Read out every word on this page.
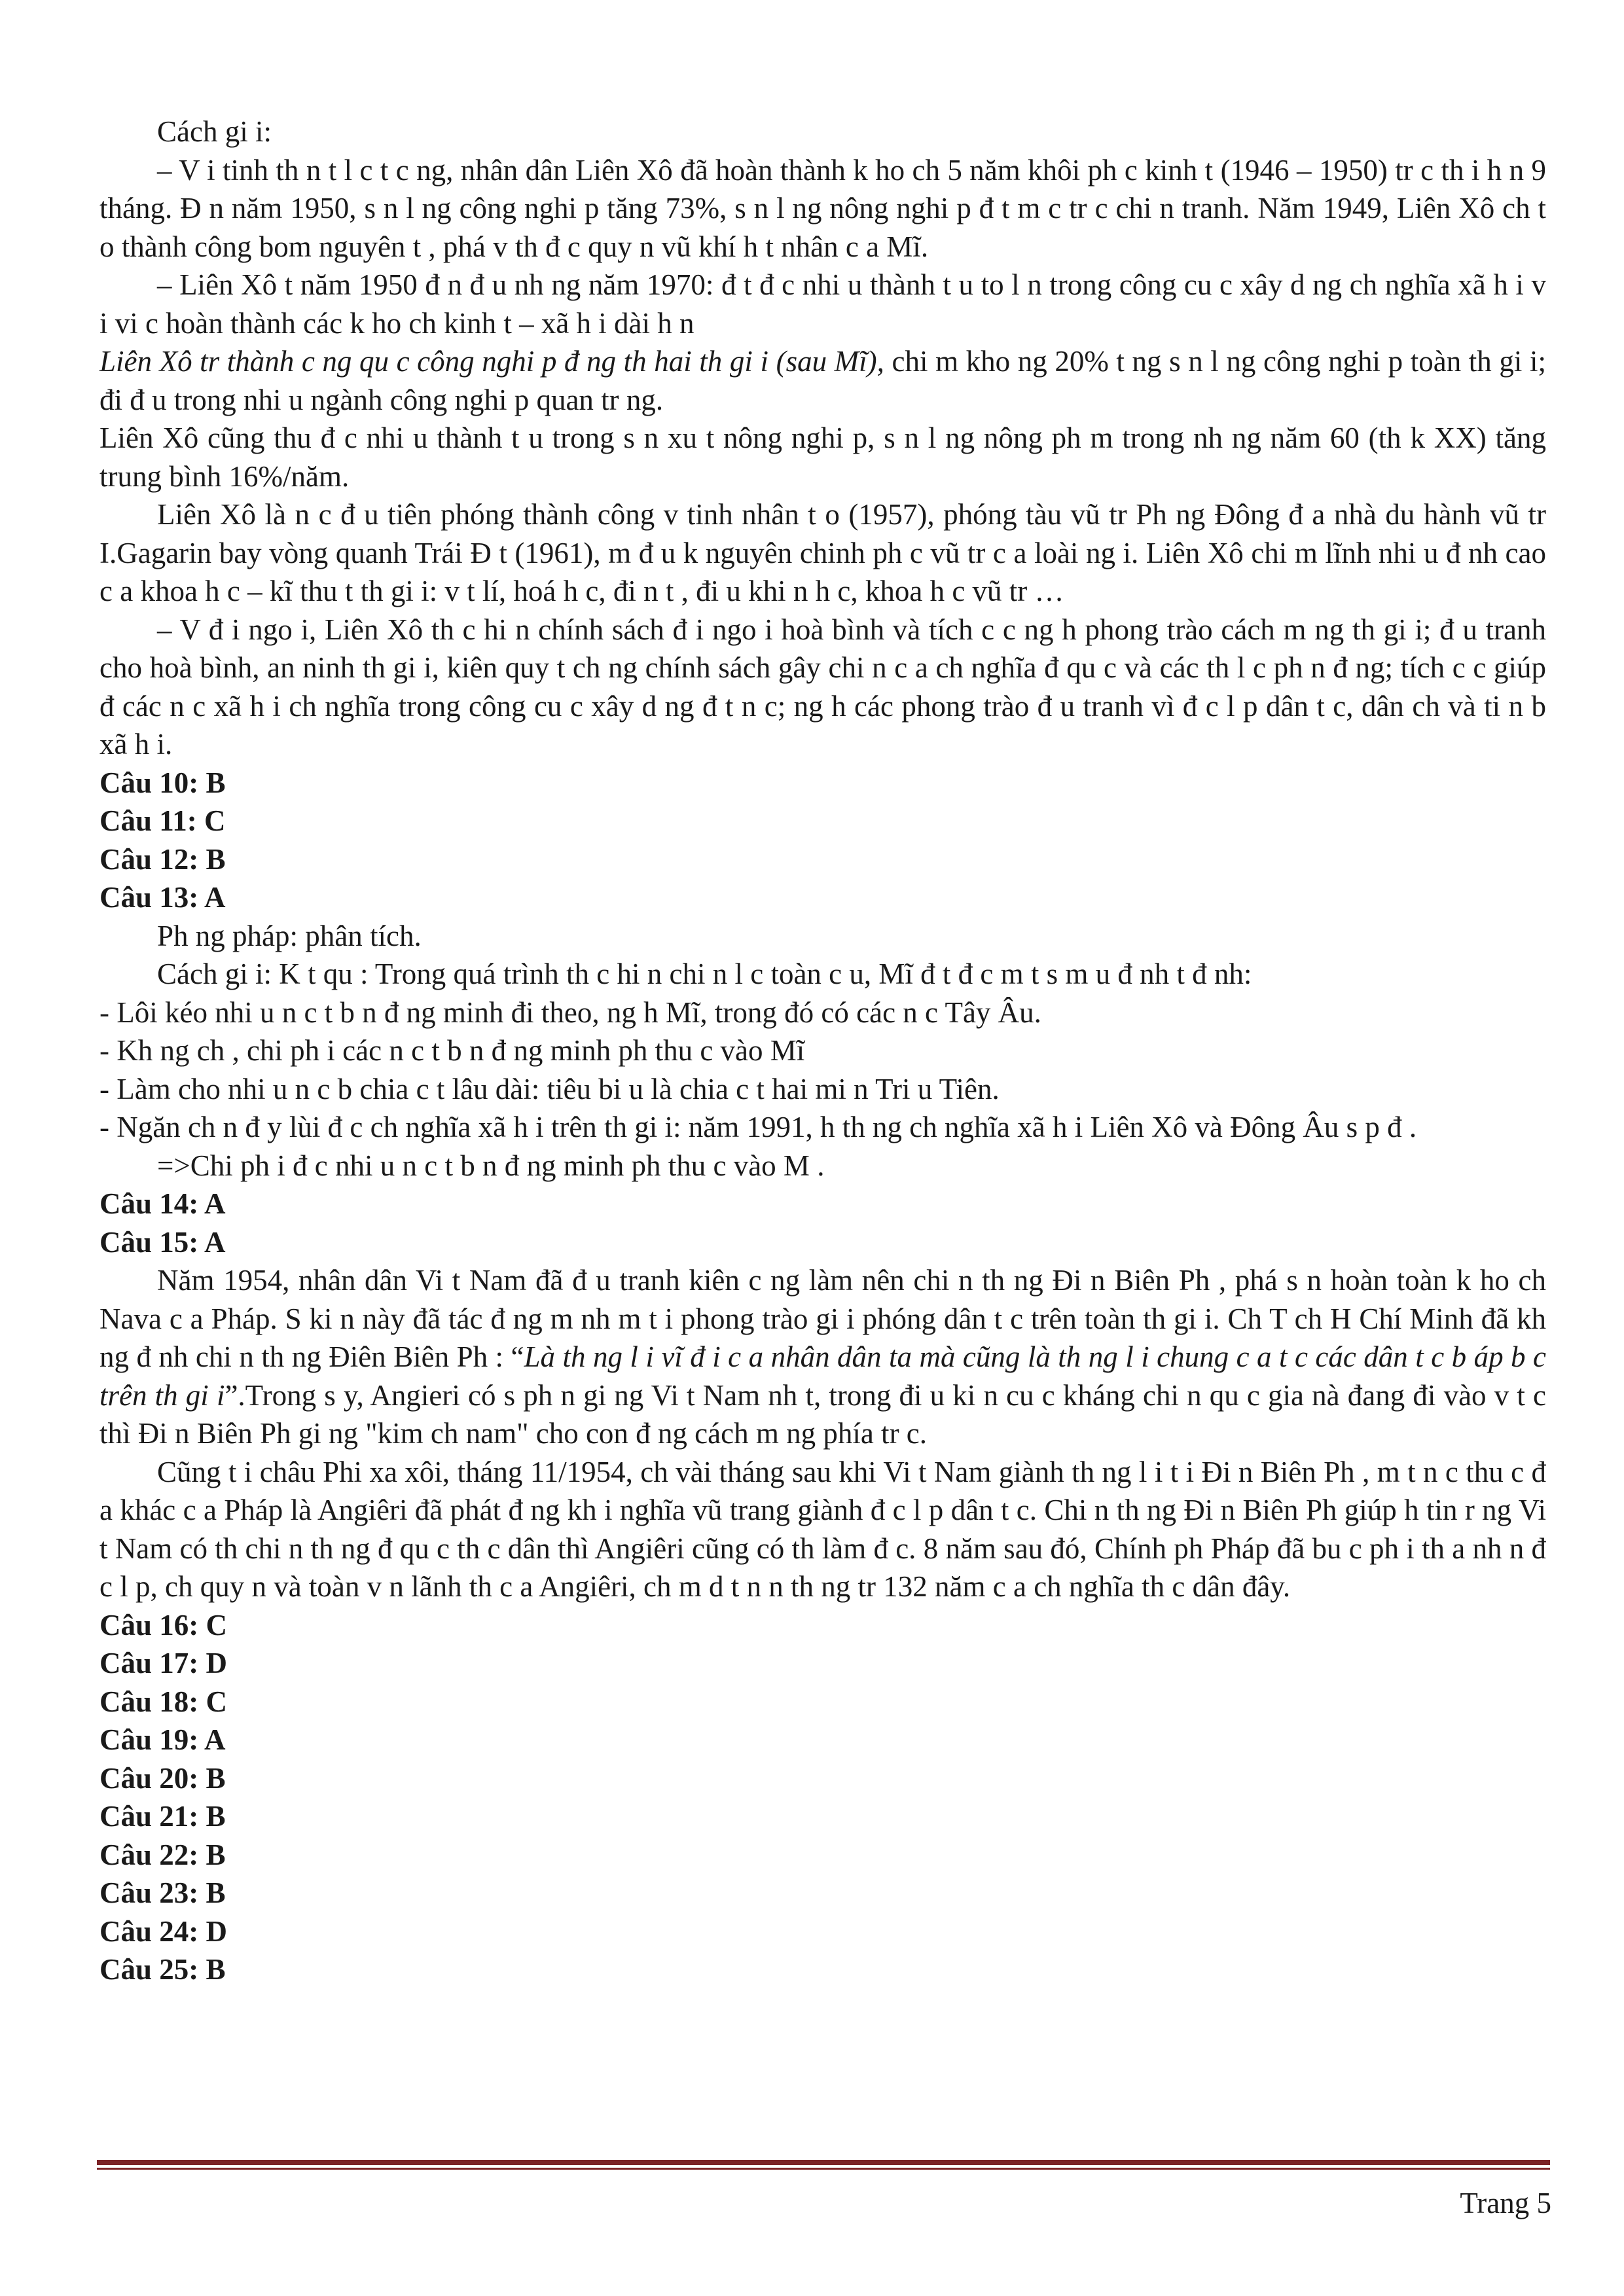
Cách gi i:

– V i tinh th n t l c t c ng, nhân dân Liên Xô đã hoàn thành k ho ch 5 năm khôi ph c kinh t (1946 – 1950) tr c th i h n 9 tháng. Đ n năm 1950, s n l ng công nghi p tăng 73%, s n l ng nông nghi p đ t m c tr c chi n tranh. Năm 1949, Liên Xô ch t o thành công bom nguyên t , phá v th đ c quy n vũ khí h t nhân c a Mĩ.

– Liên Xô t năm 1950 đ n đ u nh ng năm 1970: đ t đ c nhi u thành t u to l n trong công cu c xây d ng ch nghĩa xã h i v i vi c hoàn thành các k ho ch kinh t – xã h i dài h n

Liên Xô tr thành c ng qu c công nghi p đ ng th hai th gi i (sau Mĩ), chi m kho ng 20% t ng s n l ng công nghi p toàn th gi i; đi đ u trong nhi u ngành công nghi p quan tr ng.

Liên Xô cũng thu đ c nhi u thành t u trong s n xu t nông nghi p, s n l ng nông ph m trong nh ng năm 60 (th k XX) tăng trung bình 16%/năm.

Liên Xô là n c đ u tiên phóng thành công v tinh nhân t o (1957), phóng tàu vũ tr Ph ng Đông đ a nhà du hành vũ tr I.Gagarin bay vòng quanh Trái Đ t (1961), m đ u k nguyên chinh ph c vũ tr c a loài ng i. Liên Xô chi m lĩnh nhi u đ nh cao c a khoa h c – kĩ thu t th gi i: v t lí, hoá h c, đi n t , đi u khi n h c, khoa h c vũ tr …

– V đ i ngo i, Liên Xô th c hi n chính sách đ i ngo i hoà bình và tích c c ng h phong trào cách m ng th gi i; đ u tranh cho hoà bình, an ninh th gi i, kiên quy t ch ng chính sách gây chi n c a ch nghĩa đ qu c và các th l c ph n đ ng; tích c c giúp đ các n c xã h i ch nghĩa trong công cu c xây d ng đ t n c; ng h các phong trào đ u tranh vì đ c l p dân t c, dân ch và ti n b xã h i.

Câu 10: B

Câu 11: C

Câu 12: B

Câu 13: A

Ph ng pháp: phân tích.

Cách gi i: K t qu : Trong quá trình th c hi n chi n l c toàn c u, Mĩ đ t đ c m t s m u đ nh t đ nh:

- Lôi kéo nhi u n c t b n đ ng minh đi theo, ng h Mĩ, trong đó có các n c Tây Âu.

- Kh ng ch , chi ph i các n c t b n đ ng minh ph thu c vào Mĩ

- Làm cho nhi u n c b chia c t lâu dài: tiêu bi u là chia c t hai mi n Tri u Tiên.

- Ngăn ch n đ y lùi đ c ch nghĩa xã h i trên th gi i: năm 1991, h th ng ch nghĩa xã h i Liên Xô và Đông Âu s p đ .

=>Chi ph i đ c nhi u n c t b n đ ng minh ph thu c vào M .

Câu 14: A

Câu 15: A

Năm 1954, nhân dân Vi t Nam đã đ u tranh kiên c ng làm nên chi n th ng Đi n Biên Ph , phá s n hoàn toàn k ho ch Nava c a Pháp. S ki n này đã tác đ ng m nh m t i phong trào gi i phóng dân t c trên toàn th gi i. Ch T ch H Chí Minh đã kh ng đ nh chi n th ng Điên Biên Ph : “Là th ng l i vĩ đ i c a nhân dân ta mà cũng là th ng l i chung c a t c các dân t c b áp b c trên th gi i”.Trong s y, Angieri có s ph n gi ng Vi t Nam nh t, trong đi u ki n cu c kháng chi n qu c gia nà đang đi vào v t c thì Đi n Biên Ph gi ng "kim ch nam" cho con đ ng cách m ng phía tr c.

Cũng t i châu Phi xa xôi, tháng 11/1954, ch vài tháng sau khi Vi t Nam giành th ng l i t i Đi n Biên Ph , m t n c thu c đ a khác c a Pháp là Angiêri đã phát đ ng kh i nghĩa vũ trang giành đ c l p dân t c. Chi n th ng Đi n Biên Ph giúp h tin r ng Vi t Nam có th chi n th ng đ qu c th c dân thì Angiêri cũng có th làm đ c. 8 năm sau đó, Chính ph Pháp đã bu c ph i th a nh n đ c l p, ch quy n và toàn v n lãnh th c a Angiêri, ch m d t n n th ng tr 132 năm c a ch nghĩa th c dân đây.

Câu 16: C

Câu 17: D

Câu 18: C

Câu 19: A

Câu 20: B

Câu 21: B

Câu 22: B

Câu 23: B

Câu 24: D

Câu 25: B

Trang 5
